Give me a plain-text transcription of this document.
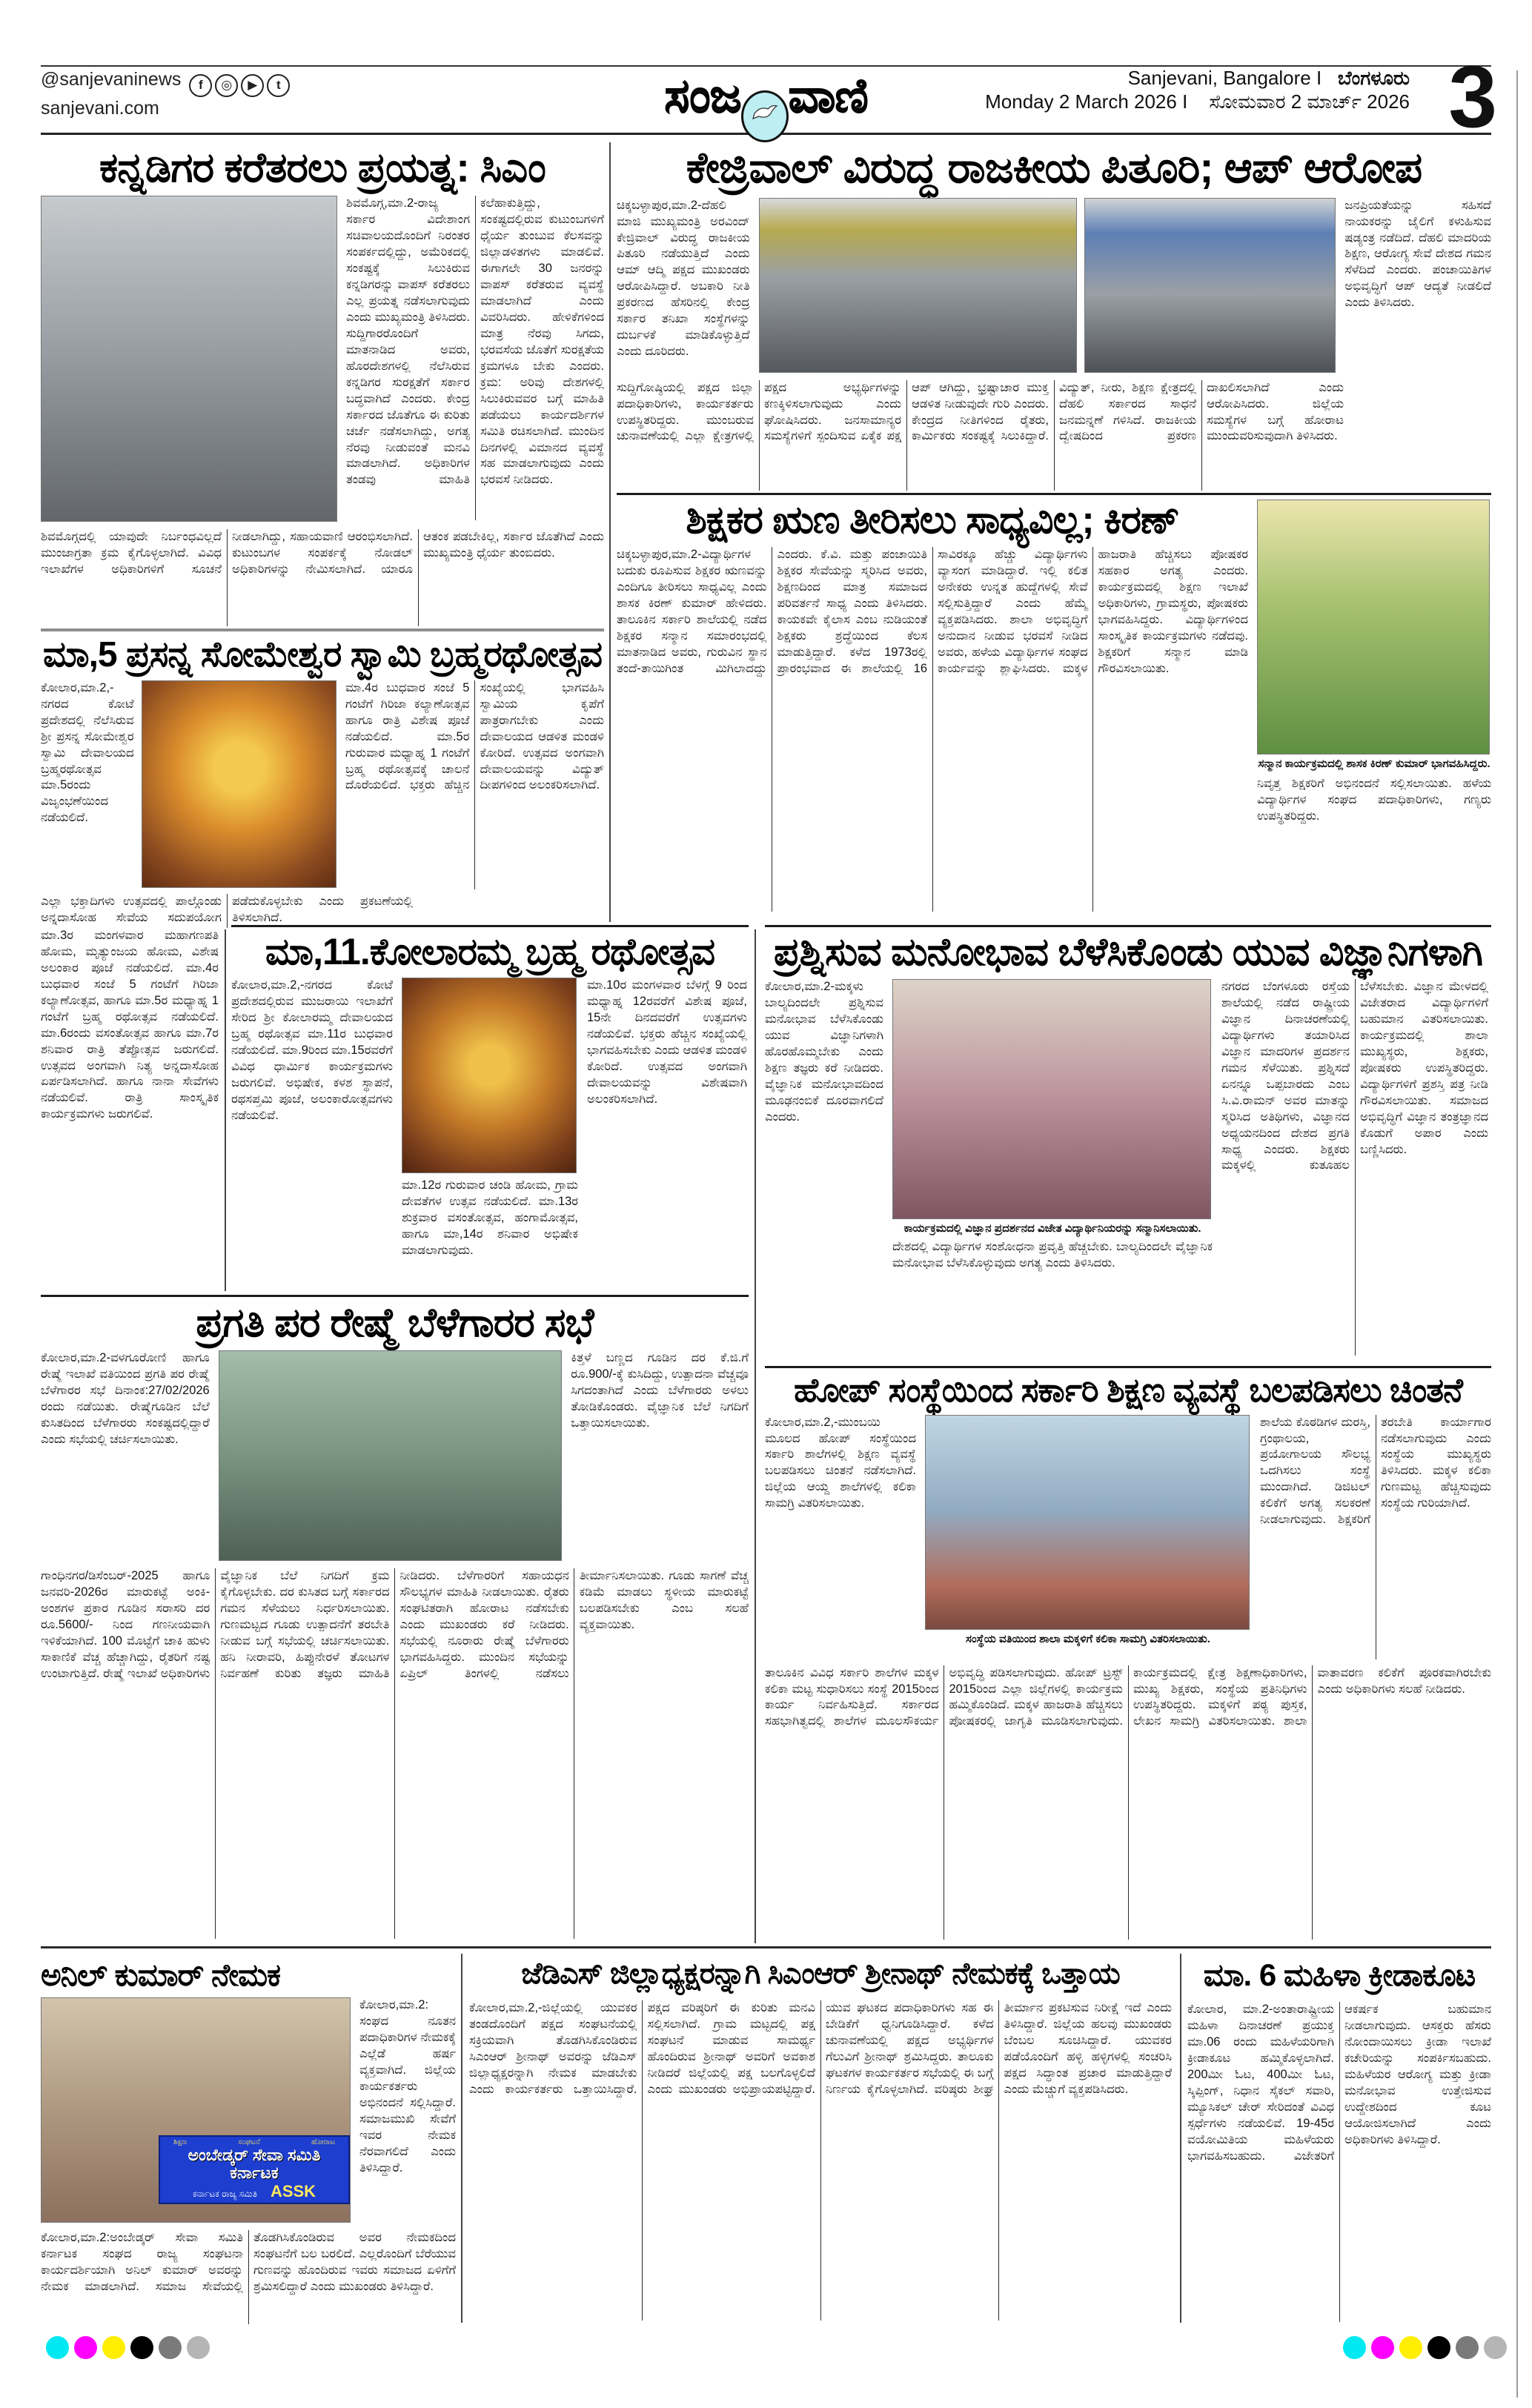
@sanjevaninews f ◎ ▶ t
sanjevani.com	ಸಂಜ ವಾಣಿ	3
Sanjevani, Bangalore I ಬೆಂಗಳೂರು
Monday 2 March 2026 I ಸೋಮವಾರ 2 ಮಾರ್ಚ್ 2026
ಕನ್ನಡಿಗರ ಕರೆತರಲು ಪ್ರಯತ್ನ: ಸಿಎಂ
ಶಿವಮೊಗ್ಗ,ಮಾ.2-ರಾಜ್ಯ ಸರ್ಕಾರ ವಿದೇಶಾಂಗ ಸಚಿವಾಲಯದೊಂದಿಗೆ ನಿರಂತರ ಸಂಪರ್ಕದಲ್ಲಿದ್ದು, ಅಮೆರಿಕದಲ್ಲಿ ಸಂಕಷ್ಟಕ್ಕೆ ಸಿಲುಕಿರುವ ಕನ್ನಡಿಗರನ್ನು ವಾಪಸ್ ಕರೆತರಲು ಎಲ್ಲ ಪ್ರಯತ್ನ ನಡೆಸಲಾಗುವುದು ಎಂದು ಮುಖ್ಯಮಂತ್ರಿ ತಿಳಿಸಿದರು. ಸುದ್ದಿಗಾರರೊಂದಿಗೆ ಮಾತನಾಡಿದ ಅವರು, ಹೊರದೇಶಗಳಲ್ಲಿ ನೆಲೆಸಿರುವ ಕನ್ನಡಿಗರ ಸುರಕ್ಷತೆಗೆ ಸರ್ಕಾರ ಬದ್ಧವಾಗಿದೆ ಎಂದರು. ಕೇಂದ್ರ ಸರ್ಕಾರದ ಜೊತೆಗೂ ಈ ಕುರಿತು ಚರ್ಚೆ ನಡೆಸಲಾಗಿದ್ದು, ಅಗತ್ಯ ನೆರವು ನೀಡುವಂತೆ ಮನವಿ ಮಾಡಲಾಗಿದೆ. ಅಧಿಕಾರಿಗಳ ತಂಡವು ಮಾಹಿತಿ ಕಲೆಹಾಕುತ್ತಿದ್ದು, ಸಂಕಷ್ಟದಲ್ಲಿರುವ ಕುಟುಂಬಗಳಿಗೆ ಧೈರ್ಯ ತುಂಬುವ ಕೆಲಸವನ್ನು ಜಿಲ್ಲಾಡಳಿತಗಳು ಮಾಡಲಿವೆ. ಈಗಾಗಲೇ 30 ಜನರನ್ನು ವಾಪಸ್ ಕರೆತರುವ ವ್ಯವಸ್ಥೆ ಮಾಡಲಾಗಿದೆ ಎಂದು ವಿವರಿಸಿದರು. ಹೇಳಿಕೆಗಳಿಂದ ಮಾತ್ರ ನೆರವು ಸಿಗದು, ಭರವಸೆಯ ಜೊತೆಗೆ ಸುರಕ್ಷತೆಯ ಕ್ರಮಗಳೂ ಬೇಕು ಎಂದರು. ಕ್ರಮ: ಅರಿವು ದೇಶಗಳಲ್ಲಿ ಸಿಲುಕಿರುವವರ ಬಗ್ಗೆ ಮಾಹಿತಿ ಪಡೆಯಲು ಕಾರ್ಯದರ್ಶಿಗಳ ಸಮಿತಿ ರಚಿಸಲಾಗಿದೆ. ಮುಂದಿನ ದಿನಗಳಲ್ಲಿ ವಿಮಾನದ ವ್ಯವಸ್ಥೆ ಸಹ ಮಾಡಲಾಗುವುದು ಎಂದು ಭರವಸೆ ನೀಡಿದರು.
ಶಿವಮೊಗ್ಗದಲ್ಲಿ ಯಾವುದೇ ನಿರ್ಬಂಧವಿಲ್ಲದೆ ಮುಂಜಾಗ್ರತಾ ಕ್ರಮ ಕೈಗೊಳ್ಳಲಾಗಿದೆ. ವಿವಿಧ ಇಲಾಖೆಗಳ ಅಧಿಕಾರಿಗಳಿಗೆ ಸೂಚನೆ ನೀಡಲಾಗಿದ್ದು, ಸಹಾಯವಾಣಿ ಆರಂಭಿಸಲಾಗಿದೆ. ಕುಟುಂಬಗಳ ಸಂಪರ್ಕಕ್ಕೆ ನೋಡಲ್ ಅಧಿಕಾರಿಗಳನ್ನು ನೇಮಿಸಲಾಗಿದೆ. ಯಾರೂ ಆತಂಕ ಪಡಬೇಕಿಲ್ಲ, ಸರ್ಕಾರ ಜೊತೆಗಿದೆ ಎಂದು ಮುಖ್ಯಮಂತ್ರಿ ಧೈರ್ಯ ತುಂಬಿದರು.
ಕೇಜ್ರಿವಾಲ್ ವಿರುದ್ಧ ರಾಜಕೀಯ ಪಿತೂರಿ; ಆಪ್ ಆರೋಪ
ಚಿಕ್ಕಬಳ್ಳಾಪುರ,ಮಾ.2-ದೆಹಲಿ ಮಾಜಿ ಮುಖ್ಯಮಂತ್ರಿ ಅರವಿಂದ್ ಕೇಜ್ರಿವಾಲ್ ವಿರುದ್ಧ ರಾಜಕೀಯ ಪಿತೂರಿ ನಡೆಯುತ್ತಿದೆ ಎಂದು ಆಮ್ ಆದ್ಮಿ ಪಕ್ಷದ ಮುಖಂಡರು ಆರೋಪಿಸಿದ್ದಾರೆ. ಅಬಕಾರಿ ನೀತಿ ಪ್ರಕರಣದ ಹೆಸರಿನಲ್ಲಿ ಕೇಂದ್ರ ಸರ್ಕಾರ ತನಿಖಾ ಸಂಸ್ಥೆಗಳನ್ನು ದುರ್ಬಳಕೆ ಮಾಡಿಕೊಳ್ಳುತ್ತಿದೆ ಎಂದು ದೂರಿದರು.
ಜನಪ್ರಿಯತೆಯನ್ನು ಸಹಿಸದೆ ನಾಯಕರನ್ನು ಜೈಲಿಗೆ ಕಳುಹಿಸುವ ಷಡ್ಯಂತ್ರ ನಡೆದಿದೆ. ದೆಹಲಿ ಮಾದರಿಯ ಶಿಕ್ಷಣ, ಆರೋಗ್ಯ ಸೇವೆ ದೇಶದ ಗಮನ ಸೆಳೆದಿದೆ ಎಂದರು. ಪಂಚಾಯಿತಿಗಳ ಅಭಿವೃದ್ಧಿಗೆ ಆಪ್ ಆದ್ಯತೆ ನೀಡಲಿದೆ ಎಂದು ತಿಳಿಸಿದರು.
ಸುದ್ದಿಗೋಷ್ಠಿಯಲ್ಲಿ ಪಕ್ಷದ ಜಿಲ್ಲಾ ಪದಾಧಿಕಾರಿಗಳು, ಕಾರ್ಯಕರ್ತರು ಉಪಸ್ಥಿತರಿದ್ದರು. ಮುಂಬರುವ ಚುನಾವಣೆಯಲ್ಲಿ ಎಲ್ಲಾ ಕ್ಷೇತ್ರಗಳಲ್ಲಿ ಪಕ್ಷದ ಅಭ್ಯರ್ಥಿಗಳನ್ನು ಕಣಕ್ಕಿಳಿಸಲಾಗುವುದು ಎಂದು ಘೋಷಿಸಿದರು. ಜನಸಾಮಾನ್ಯರ ಸಮಸ್ಯೆಗಳಿಗೆ ಸ್ಪಂದಿಸುವ ಏಕೈಕ ಪಕ್ಷ ಆಪ್ ಆಗಿದ್ದು, ಭ್ರಷ್ಟಾಚಾರ ಮುಕ್ತ ಆಡಳಿತ ನೀಡುವುದೇ ಗುರಿ ಎಂದರು. ಕೇಂದ್ರದ ನೀತಿಗಳಿಂದ ರೈತರು, ಕಾರ್ಮಿಕರು ಸಂಕಷ್ಟಕ್ಕೆ ಸಿಲುಕಿದ್ದಾರೆ. ವಿದ್ಯುತ್, ನೀರು, ಶಿಕ್ಷಣ ಕ್ಷೇತ್ರದಲ್ಲಿ ದೆಹಲಿ ಸರ್ಕಾರದ ಸಾಧನೆ ಜನಮನ್ನಣೆ ಗಳಿಸಿದೆ. ರಾಜಕೀಯ ದ್ವೇಷದಿಂದ ಪ್ರಕರಣ ದಾಖಲಿಸಲಾಗಿದೆ ಎಂದು ಆರೋಪಿಸಿದರು. ಜಿಲ್ಲೆಯ ಸಮಸ್ಯೆಗಳ ಬಗ್ಗೆ ಹೋರಾಟ ಮುಂದುವರಿಸುವುದಾಗಿ ತಿಳಿಸಿದರು.
ಶಿಕ್ಷಕರ ಋಣ ತೀರಿಸಲು ಸಾಧ್ಯವಿಲ್ಲ; ಕಿರಣ್
ಚಿಕ್ಕಬಳ್ಳಾಪುರ,ಮಾ.2-ವಿದ್ಯಾರ್ಥಿಗಳ ಬದುಕು ರೂಪಿಸುವ ಶಿಕ್ಷಕರ ಋಣವನ್ನು ಎಂದಿಗೂ ತೀರಿಸಲು ಸಾಧ್ಯವಿಲ್ಲ ಎಂದು ಶಾಸಕ ಕಿರಣ್ ಕುಮಾರ್ ಹೇಳಿದರು. ತಾಲೂಕಿನ ಸರ್ಕಾರಿ ಶಾಲೆಯಲ್ಲಿ ನಡೆದ ಶಿಕ್ಷಕರ ಸನ್ಮಾನ ಸಮಾರಂಭದಲ್ಲಿ ಮಾತನಾಡಿದ ಅವರು, ಗುರುವಿನ ಸ್ಥಾನ ತಂದೆ-ತಾಯಿಗಿಂತ ಮಿಗಿಲಾದದ್ದು ಎಂದರು. ಕೆ.ವಿ. ಮತ್ತು ಪಂಚಾಯಿತಿ ಶಿಕ್ಷಕರ ಸೇವೆಯನ್ನು ಸ್ಮರಿಸಿದ ಅವರು, ಶಿಕ್ಷಣದಿಂದ ಮಾತ್ರ ಸಮಾಜದ ಪರಿವರ್ತನೆ ಸಾಧ್ಯ ಎಂದು ತಿಳಿಸಿದರು. ಕಾಯಕವೇ ಕೈಲಾಸ ಎಂಬ ನುಡಿಯಂತೆ ಶಿಕ್ಷಕರು ಶ್ರದ್ಧೆಯಿಂದ ಕೆಲಸ ಮಾಡುತ್ತಿದ್ದಾರೆ. ಕಳೆದ 1973ರಲ್ಲಿ ಪ್ರಾರಂಭವಾದ ಈ ಶಾಲೆಯಲ್ಲಿ 16 ಸಾವಿರಕ್ಕೂ ಹೆಚ್ಚು ವಿದ್ಯಾರ್ಥಿಗಳು ವ್ಯಾಸಂಗ ಮಾಡಿದ್ದಾರೆ. ಇಲ್ಲಿ ಕಲಿತ ಅನೇಕರು ಉನ್ನತ ಹುದ್ದೆಗಳಲ್ಲಿ ಸೇವೆ ಸಲ್ಲಿಸುತ್ತಿದ್ದಾರೆ ಎಂದು ಹೆಮ್ಮೆ ವ್ಯಕ್ತಪಡಿಸಿದರು. ಶಾಲಾ ಅಭಿವೃದ್ಧಿಗೆ ಅನುದಾನ ನೀಡುವ ಭರವಸೆ ನೀಡಿದ ಅವರು, ಹಳೆಯ ವಿದ್ಯಾರ್ಥಿಗಳ ಸಂಘದ ಕಾರ್ಯವನ್ನು ಶ್ಲಾಘಿಸಿದರು. ಮಕ್ಕಳ ಹಾಜರಾತಿ ಹೆಚ್ಚಿಸಲು ಪೋಷಕರ ಸಹಕಾರ ಅಗತ್ಯ ಎಂದರು. ಕಾರ್ಯಕ್ರಮದಲ್ಲಿ ಶಿಕ್ಷಣ ಇಲಾಖೆ ಅಧಿಕಾರಿಗಳು, ಗ್ರಾಮಸ್ಥರು, ಪೋಷಕರು ಭಾಗವಹಿಸಿದ್ದರು. ವಿದ್ಯಾರ್ಥಿಗಳಿಂದ ಸಾಂಸ್ಕೃತಿಕ ಕಾರ್ಯಕ್ರಮಗಳು ನಡೆದವು. ಶಿಕ್ಷಕರಿಗೆ ಸನ್ಮಾನ ಮಾಡಿ ಗೌರವಿಸಲಾಯಿತು.
ಸನ್ಮಾನ ಕಾರ್ಯಕ್ರಮದಲ್ಲಿ ಶಾಸಕ ಕಿರಣ್ ಕುಮಾರ್ ಭಾಗವಹಿಸಿದ್ದರು.
ನಿವೃತ್ತ ಶಿಕ್ಷಕರಿಗೆ ಅಭಿನಂದನೆ ಸಲ್ಲಿಸಲಾಯಿತು. ಹಳೆಯ ವಿದ್ಯಾರ್ಥಿಗಳ ಸಂಘದ ಪದಾಧಿಕಾರಿಗಳು, ಗಣ್ಯರು ಉಪಸ್ಥಿತರಿದ್ದರು.
ಮಾ,5 ಪ್ರಸನ್ನ ಸೋಮೇಶ್ವರ ಸ್ವಾಮಿ ಬ್ರಹ್ಮರಥೋತ್ಸವ
ಕೋಲಾರ,ಮಾ.2,-ನಗರದ ಕೋಟೆ ಪ್ರದೇಶದಲ್ಲಿ ನೆಲೆಸಿರುವ ಶ್ರೀ ಪ್ರಸನ್ನ ಸೋಮೇಶ್ವರ ಸ್ವಾಮಿ ದೇವಾಲಯದ ಬ್ರಹ್ಮರಥೋತ್ಸವ ಮಾ.5ರಂದು ವಿಜೃಂಭಣೆಯಿಂದ ನಡೆಯಲಿದೆ.
ಮಾ.4ರ ಬುಧವಾರ ಸಂಜೆ 5 ಗಂಟೆಗೆ ಗಿರಿಜಾ ಕಲ್ಯಾಣೋತ್ಸವ ಹಾಗೂ ರಾತ್ರಿ ವಿಶೇಷ ಪೂಜೆ ನಡೆಯಲಿದೆ. ಮಾ.5ರ ಗುರುವಾರ ಮಧ್ಯಾಹ್ನ 1 ಗಂಟೆಗೆ ಬ್ರಹ್ಮ ರಥೋತ್ಸವಕ್ಕೆ ಚಾಲನೆ ದೊರೆಯಲಿದೆ. ಭಕ್ತರು ಹೆಚ್ಚಿನ ಸಂಖ್ಯೆಯಲ್ಲಿ ಭಾಗವಹಿಸಿ ಸ್ವಾಮಿಯ ಕೃಪೆಗೆ ಪಾತ್ರರಾಗಬೇಕು ಎಂದು ದೇವಾಲಯದ ಆಡಳಿತ ಮಂಡಳಿ ಕೋರಿದೆ. ಉತ್ಸವದ ಅಂಗವಾಗಿ ದೇವಾಲಯವನ್ನು ವಿದ್ಯುತ್ ದೀಪಗಳಿಂದ ಅಲಂಕರಿಸಲಾಗಿದೆ.
ಎಲ್ಲಾ ಭಕ್ತಾದಿಗಳು ಉತ್ಸವದಲ್ಲಿ ಪಾಲ್ಗೊಂಡು ಅನ್ನದಾಸೋಹ ಸೇವೆಯ ಸದುಪಯೋಗ ಪಡೆದುಕೊಳ್ಳಬೇಕು ಎಂದು ಪ್ರಕಟಣೆಯಲ್ಲಿ ತಿಳಿಸಲಾಗಿದೆ.
ಮಾ.3ರ ಮಂಗಳವಾರ ಮಹಾಗಣಪತಿ ಹೋಮ, ಮೃತ್ಯುಂಜಯ ಹೋಮ, ವಿಶೇಷ ಅಲಂಕಾರ ಪೂಜೆ ನಡೆಯಲಿದೆ. ಮಾ.4ರ ಬುಧವಾರ ಸಂಜೆ 5 ಗಂಟೆಗೆ ಗಿರಿಜಾ ಕಲ್ಯಾಣೋತ್ಸವ, ಹಾಗೂ ಮಾ.5ರ ಮಧ್ಯಾಹ್ನ 1 ಗಂಟೆಗೆ ಬ್ರಹ್ಮ ರಥೋತ್ಸವ ನಡೆಯಲಿದೆ. ಮಾ.6ರಂದು ವಸಂತೋತ್ಸವ ಹಾಗೂ ಮಾ.7ರ ಶನಿವಾರ ರಾತ್ರಿ ತೆಪ್ಪೋತ್ಸವ ಜರುಗಲಿದೆ. ಉತ್ಸವದ ಅಂಗವಾಗಿ ನಿತ್ಯ ಅನ್ನದಾಸೋಹ ಏರ್ಪಡಿಸಲಾಗಿದೆ. ಹಾಗೂ ನಾನಾ ಸೇವೆಗಳು ನಡೆಯಲಿವೆ. ರಾತ್ರಿ ಸಾಂಸ್ಕೃತಿಕ ಕಾರ್ಯಕ್ರಮಗಳು ಜರುಗಲಿವೆ.
ಮಾ,11.ಕೋಲಾರಮ್ಮ ಬ್ರಹ್ಮ ರಥೋತ್ಸವ
ಕೋಲಾರ,ಮಾ.2,-ನಗರದ ಕೋಟೆ ಪ್ರದೇಶದಲ್ಲಿರುವ ಮುಜರಾಯಿ ಇಲಾಖೆಗೆ ಸೇರಿದ ಶ್ರೀ ಕೋಲಾರಮ್ಮ ದೇವಾಲಯದ ಬ್ರಹ್ಮ ರಥೋತ್ಸವ ಮಾ.11ರ ಬುಧವಾರ ನಡೆಯಲಿದೆ. ಮಾ.9ರಿಂದ ಮಾ.15ರವರೆಗೆ ವಿವಿಧ ಧಾರ್ಮಿಕ ಕಾರ್ಯಕ್ರಮಗಳು ಜರುಗಲಿವೆ. ಅಭಿಷೇಕ, ಕಳಶ ಸ್ಥಾಪನೆ, ರಥಸಪ್ತಮಿ ಪೂಜೆ, ಅಲಂಕಾರೋತ್ಸವಗಳು ನಡೆಯಲಿವೆ.
ಮಾ.12ರ ಗುರುವಾರ ಚಂಡಿ ಹೋಮ, ಗ್ರಾಮ ದೇವತೆಗಳ ಉತ್ಸವ ನಡೆಯಲಿದೆ. ಮಾ.13ರ ಶುಕ್ರವಾರ ವಸಂತೋತ್ಸವ, ಹಂಗಾಮೋತ್ಸವ, ಹಾಗೂ ಮಾ,14ರ ಶನಿವಾರ ಅಭಿಷೇಕ ಮಾಡಲಾಗುವುದು.
ಮಾ.10ರ ಮಂಗಳವಾರ ಬೆಳಗ್ಗೆ 9 ರಿಂದ ಮಧ್ಯಾಹ್ನ 12ರವರೆಗೆ ವಿಶೇಷ ಪೂಜೆ, 15ನೇ ದಿನದವರೆಗೆ ಉತ್ಸವಗಳು ನಡೆಯಲಿವೆ. ಭಕ್ತರು ಹೆಚ್ಚಿನ ಸಂಖ್ಯೆಯಲ್ಲಿ ಭಾಗವಹಿಸಬೇಕು ಎಂದು ಆಡಳಿತ ಮಂಡಳಿ ಕೋರಿದೆ. ಉತ್ಸವದ ಅಂಗವಾಗಿ ದೇವಾಲಯವನ್ನು ವಿಶೇಷವಾಗಿ ಅಲಂಕರಿಸಲಾಗಿದೆ.
ಪ್ರಶ್ನಿಸುವ ಮನೋಭಾವ ಬೆಳೆಸಿಕೊಂಡು ಯುವ ವಿಜ್ಞಾನಿಗಳಾಗಿ
ಕೋಲಾರ,ಮಾ.2-ಮಕ್ಕಳು ಬಾಲ್ಯದಿಂದಲೇ ಪ್ರಶ್ನಿಸುವ ಮನೋಭಾವ ಬೆಳೆಸಿಕೊಂಡು ಯುವ ವಿಜ್ಞಾನಿಗಳಾಗಿ ಹೊರಹೊಮ್ಮಬೇಕು ಎಂದು ಶಿಕ್ಷಣ ತಜ್ಞರು ಕರೆ ನೀಡಿದರು. ವೈಜ್ಞಾನಿಕ ಮನೋಭಾವದಿಂದ ಮೂಢನಂಬಿಕೆ ದೂರವಾಗಲಿದೆ ಎಂದರು.
ಕಾರ್ಯಕ್ರಮದಲ್ಲಿ ವಿಜ್ಞಾನ ಪ್ರದರ್ಶನದ ವಿಜೇತ ವಿದ್ಯಾರ್ಥಿನಿಯರನ್ನು ಸನ್ಮಾನಿಸಲಾಯಿತು.
ದೇಶದಲ್ಲಿ ವಿದ್ಯಾರ್ಥಿಗಳ ಸಂಶೋಧನಾ ಪ್ರವೃತ್ತಿ ಹೆಚ್ಚಬೇಕು. ಬಾಲ್ಯದಿಂದಲೇ ವೈಜ್ಞಾನಿಕ ಮನೋಭಾವ ಬೆಳೆಸಿಕೊಳ್ಳುವುದು ಅಗತ್ಯ ಎಂದು ತಿಳಿಸಿದರು.
ನಗರದ ಬೆಂಗಳೂರು ರಸ್ತೆಯ ಶಾಲೆಯಲ್ಲಿ ನಡೆದ ರಾಷ್ಟ್ರೀಯ ವಿಜ್ಞಾನ ದಿನಾಚರಣೆಯಲ್ಲಿ ವಿದ್ಯಾರ್ಥಿಗಳು ತಯಾರಿಸಿದ ವಿಜ್ಞಾನ ಮಾದರಿಗಳ ಪ್ರದರ್ಶನ ಗಮನ ಸೆಳೆಯಿತು. ಪ್ರಶ್ನಿಸದೆ ಏನನ್ನೂ ಒಪ್ಪಬಾರದು ಎಂಬ ಸಿ.ವಿ.ರಾಮನ್ ಅವರ ಮಾತನ್ನು ಸ್ಮರಿಸಿದ ಅತಿಥಿಗಳು, ವಿಜ್ಞಾನದ ಅಧ್ಯಯನದಿಂದ ದೇಶದ ಪ್ರಗತಿ ಸಾಧ್ಯ ಎಂದರು. ಶಿಕ್ಷಕರು ಮಕ್ಕಳಲ್ಲಿ ಕುತೂಹಲ ಬೆಳೆಸಬೇಕು. ವಿಜ್ಞಾನ ಮೇಳದಲ್ಲಿ ವಿಜೇತರಾದ ವಿದ್ಯಾರ್ಥಿಗಳಿಗೆ ಬಹುಮಾನ ವಿತರಿಸಲಾಯಿತು. ಕಾರ್ಯಕ್ರಮದಲ್ಲಿ ಶಾಲಾ ಮುಖ್ಯಸ್ಥರು, ಶಿಕ್ಷಕರು, ಪೋಷಕರು ಉಪಸ್ಥಿತರಿದ್ದರು. ವಿದ್ಯಾರ್ಥಿಗಳಿಗೆ ಪ್ರಶಸ್ತಿ ಪತ್ರ ನೀಡಿ ಗೌರವಿಸಲಾಯಿತು. ಸಮಾಜದ ಅಭಿವೃದ್ಧಿಗೆ ವಿಜ್ಞಾನ ತಂತ್ರಜ್ಞಾನದ ಕೊಡುಗೆ ಅಪಾರ ಎಂದು ಬಣ್ಣಿಸಿದರು.
ಪ್ರಗತಿ ಪರ ರೇಷ್ಮೆ ಬೆಳೆಗಾರರ ಸಭೆ
ಕೋಲಾರ,ಮಾ.2-ವಳಗೂರೋಣಿ ಹಾಗೂ ರೇಷ್ಮೆ ಇಲಾಖೆ ವತಿಯಿಂದ ಪ್ರಗತಿ ಪರ ರೇಷ್ಮೆ ಬೆಳೆಗಾರರ ಸಭೆ ದಿನಾಂಕ:27/02/2026 ರಂದು ನಡೆಯಿತು. ರೇಷ್ಮೆಗೂಡಿನ ಬೆಲೆ ಕುಸಿತದಿಂದ ಬೆಳೆಗಾರರು ಸಂಕಷ್ಟದಲ್ಲಿದ್ದಾರೆ ಎಂದು ಸಭೆಯಲ್ಲಿ ಚರ್ಚಿಸಲಾಯಿತು.
ಕಿತ್ತಳೆ ಬಣ್ಣದ ಗೂಡಿನ ದರ ಕೆ.ಜಿ.ಗೆ ರೂ.900/-ಕ್ಕೆ ಕುಸಿದಿದ್ದು, ಉತ್ಪಾದನಾ ವೆಚ್ಚವೂ ಸಿಗದಂತಾಗಿದೆ ಎಂದು ಬೆಳೆಗಾರರು ಅಳಲು ತೋಡಿಕೊಂಡರು. ವೈಜ್ಞಾನಿಕ ಬೆಲೆ ನಿಗದಿಗೆ ಒತ್ತಾಯಿಸಲಾಯಿತು.
ಗಾಂಧಿನಗರ/ಡಿಸೆಂಬರ್-2025 ಹಾಗೂ ಜನವರಿ-2026ರ ಮಾರುಕಟ್ಟೆ ಅಂಕಿ-ಅಂಶಗಳ ಪ್ರಕಾರ ಗೂಡಿನ ಸರಾಸರಿ ದರ ರೂ.5600/- ನಿಂದ ಗಣನೀಯವಾಗಿ ಇಳಿಕೆಯಾಗಿದೆ. 100 ಮೊಟ್ಟೆಗೆ ಚಾಕಿ ಹುಳು ಸಾಕಾಣಿಕೆ ವೆಚ್ಚ ಹೆಚ್ಚಾಗಿದ್ದು, ರೈತರಿಗೆ ನಷ್ಟ ಉಂಟಾಗುತ್ತಿದೆ. ರೇಷ್ಮೆ ಇಲಾಖೆ ಅಧಿಕಾರಿಗಳು ವೈಜ್ಞಾನಿಕ ಬೆಲೆ ನಿಗದಿಗೆ ಕ್ರಮ ಕೈಗೊಳ್ಳಬೇಕು. ದರ ಕುಸಿತದ ಬಗ್ಗೆ ಸರ್ಕಾರದ ಗಮನ ಸೆಳೆಯಲು ನಿರ್ಧರಿಸಲಾಯಿತು. ಗುಣಮಟ್ಟದ ಗೂಡು ಉತ್ಪಾದನೆಗೆ ತರಬೇತಿ ನೀಡುವ ಬಗ್ಗೆ ಸಭೆಯಲ್ಲಿ ಚರ್ಚಿಸಲಾಯಿತು. ಹನಿ ನೀರಾವರಿ, ಹಿಪ್ಪುನೇರಳೆ ತೋಟಗಳ ನಿರ್ವಹಣೆ ಕುರಿತು ತಜ್ಞರು ಮಾಹಿತಿ ನೀಡಿದರು. ಬೆಳೆಗಾರರಿಗೆ ಸಹಾಯಧನ ಸೌಲಭ್ಯಗಳ ಮಾಹಿತಿ ನೀಡಲಾಯಿತು. ರೈತರು ಸಂಘಟಿತರಾಗಿ ಹೋರಾಟ ನಡೆಸಬೇಕು ಎಂದು ಮುಖಂಡರು ಕರೆ ನೀಡಿದರು. ಸಭೆಯಲ್ಲಿ ನೂರಾರು ರೇಷ್ಮೆ ಬೆಳೆಗಾರರು ಭಾಗವಹಿಸಿದ್ದರು. ಮುಂದಿನ ಸಭೆಯನ್ನು ಏಪ್ರಿಲ್ ತಿಂಗಳಲ್ಲಿ ನಡೆಸಲು ತೀರ್ಮಾನಿಸಲಾಯಿತು. ಗೂಡು ಸಾಗಣೆ ವೆಚ್ಚ ಕಡಿಮೆ ಮಾಡಲು ಸ್ಥಳೀಯ ಮಾರುಕಟ್ಟೆ ಬಲಪಡಿಸಬೇಕು ಎಂಬ ಸಲಹೆ ವ್ಯಕ್ತವಾಯಿತು.
ಹೋಪ್ ಸಂಸ್ಥೆಯಿಂದ ಸರ್ಕಾರಿ ಶಿಕ್ಷಣ ವ್ಯವಸ್ಥೆ ಬಲಪಡಿಸಲು ಚಿಂತನೆ
ಕೋಲಾರ,ಮಾ.2,-ಮುಂಬಯಿ ಮೂಲದ ಹೋಪ್ ಸಂಸ್ಥೆಯಿಂದ ಸರ್ಕಾರಿ ಶಾಲೆಗಳಲ್ಲಿ ಶಿಕ್ಷಣ ವ್ಯವಸ್ಥೆ ಬಲಪಡಿಸಲು ಚಿಂತನೆ ನಡೆಸಲಾಗಿದೆ. ಜಿಲ್ಲೆಯ ಆಯ್ದ ಶಾಲೆಗಳಲ್ಲಿ ಕಲಿಕಾ ಸಾಮಗ್ರಿ ವಿತರಿಸಲಾಯಿತು.
ಸಂಸ್ಥೆಯ ವತಿಯಿಂದ ಶಾಲಾ ಮಕ್ಕಳಿಗೆ ಕಲಿಕಾ ಸಾಮಗ್ರಿ ವಿತರಿಸಲಾಯಿತು.
ಶಾಲೆಯ ಕೊಠಡಿಗಳ ದುರಸ್ತಿ, ಗ್ರಂಥಾಲಯ, ಪ್ರಯೋಗಾಲಯ ಸೌಲಭ್ಯ ಒದಗಿಸಲು ಸಂಸ್ಥೆ ಮುಂದಾಗಿದೆ. ಡಿಜಿಟಲ್ ಕಲಿಕೆಗೆ ಅಗತ್ಯ ಸಲಕರಣೆ ನೀಡಲಾಗುವುದು. ಶಿಕ್ಷಕರಿಗೆ ತರಬೇತಿ ಕಾರ್ಯಾಗಾರ ನಡೆಸಲಾಗುವುದು ಎಂದು ಸಂಸ್ಥೆಯ ಮುಖ್ಯಸ್ಥರು ತಿಳಿಸಿದರು. ಮಕ್ಕಳ ಕಲಿಕಾ ಗುಣಮಟ್ಟ ಹೆಚ್ಚಿಸುವುದು ಸಂಸ್ಥೆಯ ಗುರಿಯಾಗಿದೆ.
ತಾಲೂಕಿನ ವಿವಿಧ ಸರ್ಕಾರಿ ಶಾಲೆಗಳ ಮಕ್ಕಳ ಕಲಿಕಾ ಮಟ್ಟ ಸುಧಾರಿಸಲು ಸಂಸ್ಥೆ 2015ರಿಂದ ಕಾರ್ಯ ನಿರ್ವಹಿಸುತ್ತಿದೆ. ಸರ್ಕಾರದ ಸಹಭಾಗಿತ್ವದಲ್ಲಿ ಶಾಲೆಗಳ ಮೂಲಸೌಕರ್ಯ ಅಭಿವೃದ್ಧಿ ಪಡಿಸಲಾಗುವುದು. ಹೋಪ್ ಟ್ರಸ್ಟ್ 2015ರಿಂದ ಎಲ್ಲಾ ಜಿಲ್ಲೆಗಳಲ್ಲಿ ಕಾರ್ಯಕ್ರಮ ಹಮ್ಮಿಕೊಂಡಿದೆ. ಮಕ್ಕಳ ಹಾಜರಾತಿ ಹೆಚ್ಚಿಸಲು ಪೋಷಕರಲ್ಲಿ ಜಾಗೃತಿ ಮೂಡಿಸಲಾಗುವುದು. ಕಾರ್ಯಕ್ರಮದಲ್ಲಿ ಕ್ಷೇತ್ರ ಶಿಕ್ಷಣಾಧಿಕಾರಿಗಳು, ಮುಖ್ಯ ಶಿಕ್ಷಕರು, ಸಂಸ್ಥೆಯ ಪ್ರತಿನಿಧಿಗಳು ಉಪಸ್ಥಿತರಿದ್ದರು. ಮಕ್ಕಳಿಗೆ ಪಠ್ಯ ಪುಸ್ತಕ, ಲೇಖನ ಸಾಮಗ್ರಿ ವಿತರಿಸಲಾಯಿತು. ಶಾಲಾ ವಾತಾವರಣ ಕಲಿಕೆಗೆ ಪೂರಕವಾಗಿರಬೇಕು ಎಂದು ಅಧಿಕಾರಿಗಳು ಸಲಹೆ ನೀಡಿದರು.
ಅನಿಲ್ ಕುಮಾರ್ ನೇಮಕ
ಶಿಕ್ಷಣ	ಸಂಘಟನೆ	ಹೋರಾಟ
ಅಂಬೇಡ್ಕರ್ ಸೇವಾ ಸಮಿತಿ ಕರ್ನಾಟಕ
ಕರ್ನಾಟಕ ರಾಜ್ಯ ಸಮಿತಿ ASSK
ಕೋಲಾರ,ಮಾ.2: ಸಂಘದ ನೂತನ ಪದಾಧಿಕಾರಿಗಳ ನೇಮಕಕ್ಕೆ ಎಲ್ಲೆಡೆ ಹರ್ಷ ವ್ಯಕ್ತವಾಗಿದೆ. ಜಿಲ್ಲೆಯ ಕಾರ್ಯಕರ್ತರು ಅಭಿನಂದನೆ ಸಲ್ಲಿಸಿದ್ದಾರೆ. ಸಮಾಜಮುಖಿ ಸೇವೆಗೆ ಇವರ ನೇಮಕ ನೆರವಾಗಲಿದೆ ಎಂದು ತಿಳಿಸಿದ್ದಾರೆ.
ಕೋಲಾರ,ಮಾ.2:ಅಂಬೇಡ್ಕರ್ ಸೇವಾ ಸಮಿತಿ ಕರ್ನಾಟಕ ಸಂಘದ ರಾಜ್ಯ ಸಂಘಟನಾ ಕಾರ್ಯದರ್ಶಿಯಾಗಿ ಅನಿಲ್ ಕುಮಾರ್ ಅವರನ್ನು ನೇಮಕ ಮಾಡಲಾಗಿದೆ. ಸಮಾಜ ಸೇವೆಯಲ್ಲಿ ತೊಡಗಿಸಿಕೊಂಡಿರುವ ಅವರ ನೇಮಕದಿಂದ ಸಂಘಟನೆಗೆ ಬಲ ಬರಲಿದೆ. ಎಲ್ಲರೊಂದಿಗೆ ಬೆರೆಯುವ ಗುಣವನ್ನು ಹೊಂದಿರುವ ಇವರು ಸಮಾಜದ ಏಳಿಗೆಗೆ ಶ್ರಮಿಸಲಿದ್ದಾರೆ ಎಂದು ಮುಖಂಡರು ತಿಳಿಸಿದ್ದಾರೆ.
ಜೆಡಿಎಸ್ ಜಿಲ್ಲಾಧ್ಯಕ್ಷರನ್ನಾಗಿ ಸಿಎಂಆರ್ ಶ್ರೀನಾಥ್ ನೇಮಕಕ್ಕೆ ಒತ್ತಾಯ
ಕೋಲಾರ,ಮಾ.2,-ಜಿಲ್ಲೆಯಲ್ಲಿ ಯುವಕರ ತಂಡದೊಂದಿಗೆ ಪಕ್ಷದ ಸಂಘಟನೆಯಲ್ಲಿ ಸಕ್ರಿಯವಾಗಿ ತೊಡಗಿಸಿಕೊಂಡಿರುವ ಸಿಎಂಆರ್ ಶ್ರೀನಾಥ್ ಅವರನ್ನು ಜೆಡಿಎಸ್ ಜಿಲ್ಲಾಧ್ಯಕ್ಷರನ್ನಾಗಿ ನೇಮಕ ಮಾಡಬೇಕು ಎಂದು ಕಾರ್ಯಕರ್ತರು ಒತ್ತಾಯಿಸಿದ್ದಾರೆ. ಪಕ್ಷದ ವರಿಷ್ಠರಿಗೆ ಈ ಕುರಿತು ಮನವಿ ಸಲ್ಲಿಸಲಾಗಿದೆ. ಗ್ರಾಮ ಮಟ್ಟದಲ್ಲಿ ಪಕ್ಷ ಸಂಘಟನೆ ಮಾಡುವ ಸಾಮರ್ಥ್ಯ ಹೊಂದಿರುವ ಶ್ರೀನಾಥ್ ಅವರಿಗೆ ಅವಕಾಶ ನೀಡಿದರೆ ಜಿಲ್ಲೆಯಲ್ಲಿ ಪಕ್ಷ ಬಲಗೊಳ್ಳಲಿದೆ ಎಂದು ಮುಖಂಡರು ಅಭಿಪ್ರಾಯಪಟ್ಟಿದ್ದಾರೆ. ಯುವ ಘಟಕದ ಪದಾಧಿಕಾರಿಗಳು ಸಹ ಈ ಬೇಡಿಕೆಗೆ ಧ್ವನಿಗೂಡಿಸಿದ್ದಾರೆ. ಕಳೆದ ಚುನಾವಣೆಯಲ್ಲಿ ಪಕ್ಷದ ಅಭ್ಯರ್ಥಿಗಳ ಗೆಲುವಿಗೆ ಶ್ರೀನಾಥ್ ಶ್ರಮಿಸಿದ್ದರು. ತಾಲೂಕು ಘಟಕಗಳ ಕಾರ್ಯಕರ್ತರ ಸಭೆಯಲ್ಲಿ ಈ ಬಗ್ಗೆ ನಿರ್ಣಯ ಕೈಗೊಳ್ಳಲಾಗಿದೆ. ವರಿಷ್ಠರು ಶೀಘ್ರ ತೀರ್ಮಾನ ಪ್ರಕಟಿಸುವ ನಿರೀಕ್ಷೆ ಇದೆ ಎಂದು ತಿಳಿಸಿದ್ದಾರೆ. ಜಿಲ್ಲೆಯ ಹಲವು ಮುಖಂಡರು ಬೆಂಬಲ ಸೂಚಿಸಿದ್ದಾರೆ. ಯುವಕರ ಪಡೆಯೊಂದಿಗೆ ಹಳ್ಳಿ ಹಳ್ಳಿಗಳಲ್ಲಿ ಸಂಚರಿಸಿ ಪಕ್ಷದ ಸಿದ್ಧಾಂತ ಪ್ರಚಾರ ಮಾಡುತ್ತಿದ್ದಾರೆ ಎಂದು ಮೆಚ್ಚುಗೆ ವ್ಯಕ್ತಪಡಿಸಿದರು.
ಮಾ. 6 ಮಹಿಳಾ ಕ್ರೀಡಾಕೂಟ
ಕೋಲಾರ, ಮಾ.2-ಅಂತಾರಾಷ್ಟ್ರೀಯ ಮಹಿಳಾ ದಿನಾಚರಣೆ ಪ್ರಯುಕ್ತ ಮಾ.06 ರಂದು ಮಹಿಳೆಯರಿಗಾಗಿ ಕ್ರೀಡಾಕೂಟ ಹಮ್ಮಿಕೊಳ್ಳಲಾಗಿದೆ. 200ಮೀ ಓಟ, 400ಮೀ ಓಟ, ಸ್ಕಿಪ್ಪಿಂಗ್, ನಿಧಾನ ಸೈಕಲ್ ಸವಾರಿ, ಮ್ಯೂಸಿಕಲ್ ಚೇರ್ ಸೇರಿದಂತೆ ವಿವಿಧ ಸ್ಪರ್ಧೆಗಳು ನಡೆಯಲಿವೆ. 19-45ರ ವಯೋಮಿತಿಯ ಮಹಿಳೆಯರು ಭಾಗವಹಿಸಬಹುದು. ವಿಜೇತರಿಗೆ ಆಕರ್ಷಕ ಬಹುಮಾನ ನೀಡಲಾಗುವುದು. ಆಸಕ್ತರು ಹೆಸರು ನೋಂದಾಯಿಸಲು ಕ್ರೀಡಾ ಇಲಾಖೆ ಕಚೇರಿಯನ್ನು ಸಂಪರ್ಕಿಸಬಹುದು. ಮಹಿಳೆಯರ ಆರೋಗ್ಯ ಮತ್ತು ಕ್ರೀಡಾ ಮನೋಭಾವ ಉತ್ತೇಜಿಸುವ ಉದ್ದೇಶದಿಂದ ಕೂಟ ಆಯೋಜಿಸಲಾಗಿದೆ ಎಂದು ಅಧಿಕಾರಿಗಳು ತಿಳಿಸಿದ್ದಾರೆ.
